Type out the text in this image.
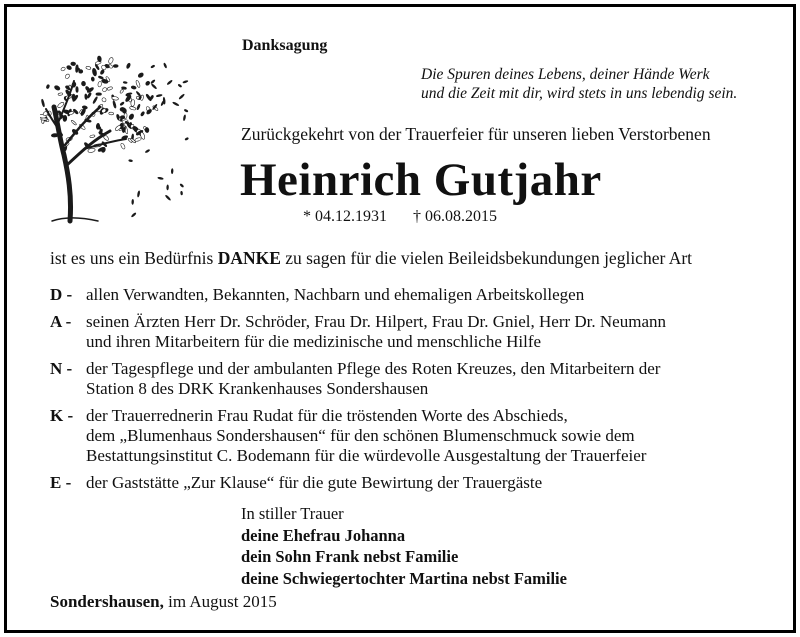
Danksagung
Die Spuren deines Lebens, deiner Hände Werk
und die Zeit mit dir, wird stets in uns lebendig sein.
Zurückgekehrt von der Trauerfeier für unseren lieben Verstorbenen
Heinrich Gutjahr
* 04.12.1931 † 06.08.2015
ist es uns ein Bedürfnis DANKE zu sagen für die vielen Beileidsbekundungen jeglicher Art
D - allen Verwandten, Bekannten, Nachbarn und ehemaligen Arbeitskollegen
A - seinen Ärzten Herr Dr. Schröder, Frau Dr. Hilpert, Frau Dr. Gniel, Herr Dr. Neumann
und ihren Mitarbeitern für die medizinische und menschliche Hilfe
N - der Tagespflege und der ambulanten Pflege des Roten Kreuzes, den Mitarbeitern der
Station 8 des DRK Krankenhauses Sondershausen
K - der Trauerrednerin Frau Rudat für die tröstenden Worte des Abschieds,
dem „Blumenhaus Sondershausen“ für den schönen Blumenschmuck sowie dem
Bestattungsinstitut C. Bodemann für die würdevolle Ausgestaltung der Trauerfeier
E - der Gaststätte „Zur Klause“ für die gute Bewirtung der Trauergäste
In stiller Trauer
deine Ehefrau Johanna
dein Sohn Frank nebst Familie
deine Schwiegertochter Martina nebst Familie
Sondershausen, im August 2015
